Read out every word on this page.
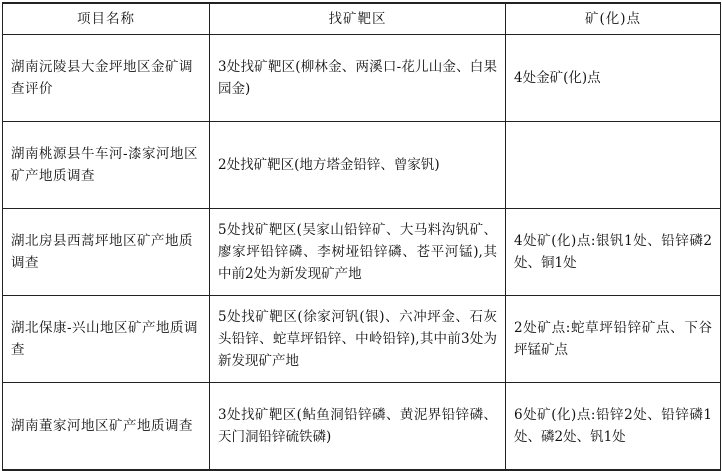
项目名称	找矿靶区	矿(化)点
湖南沅陵县大金坪地区金矿调查评价	3处找矿靶区(柳林金、两溪口-花儿山金、白果园金)	4处金矿(化)点
湖南桃源县牛车河-漆家河地区矿产地质调查	2处找矿靶区(地方塔金铅锌、曾家钒)	
湖北房县西蒿坪地区矿产地质调查	5处找矿靶区(吴家山铅锌矿、大马料沟钒矿、廖家坪铅锌磷、李树垭铅锌磷、苍平河锰),其中前2处为新发现矿产地	4处矿(化)点:银钒1处、铅锌磷2处、铜1处
湖北保康-兴山地区矿产地质调查	5处找矿靶区(徐家河钒(银)、六冲坪金、石灰头铅锌、蛇草坪铅锌、中岭铅锌),其中前3处为新发现矿产地	2处矿点:蛇草坪铅锌矿点、下谷坪锰矿点
湖南董家河地区矿产地质调查	3处找矿靶区(鲇鱼洞铅锌磷、黄泥界铅锌磷、天门洞铅锌硫铁磷)	6处矿(化)点:铅锌2处、铅锌磷1处、磷2处、钒1处
